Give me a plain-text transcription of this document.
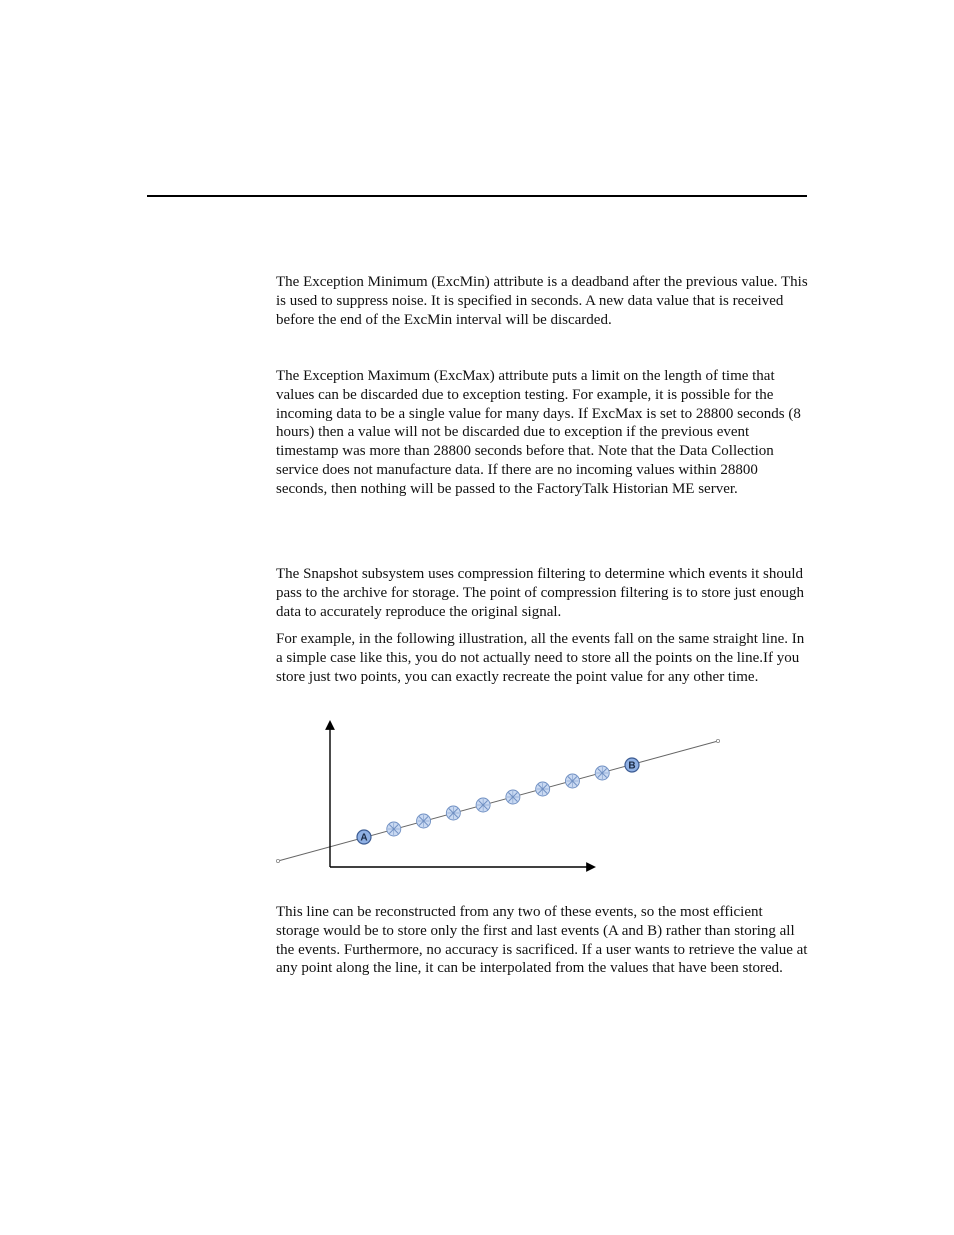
The Exception Minimum (ExcMin) attribute is a deadband after the previous value. This is used to suppress noise. It is specified in seconds. A new data value that is received before the end of the ExcMin interval will be discarded.

The Exception Maximum (ExcMax) attribute puts a limit on the length of time that values can be discarded due to exception testing. For example, it is possible for the incoming data to be a single value for many days. If ExcMax is set to 28800 seconds (8 hours) then a value will not be discarded due to exception if the previous event timestamp was more than 28800 seconds before that. Note that the Data Collection service does not manufacture data. If there are no incoming values within 28800 seconds, then nothing will be passed to the FactoryTalk Historian ME server.

The Snapshot subsystem uses compression filtering to determine which events it should pass to the archive for storage. The point of compression filtering is to store just enough data to accurately reproduce the original signal.

For example, in the following illustration, all the events fall on the same straight line. In a simple case like this, you do not actually need to store all the points on the line.If you store just two points, you can exactly recreate the point value for any other time.

A
B

This line can be reconstructed from any two of these events, so the most efficient storage would be to store only the first and last events (A and B) rather than storing all the events. Furthermore, no accuracy is sacrificed. If a user wants to retrieve the value at any point along the line, it can be interpolated from the values that have been stored.
